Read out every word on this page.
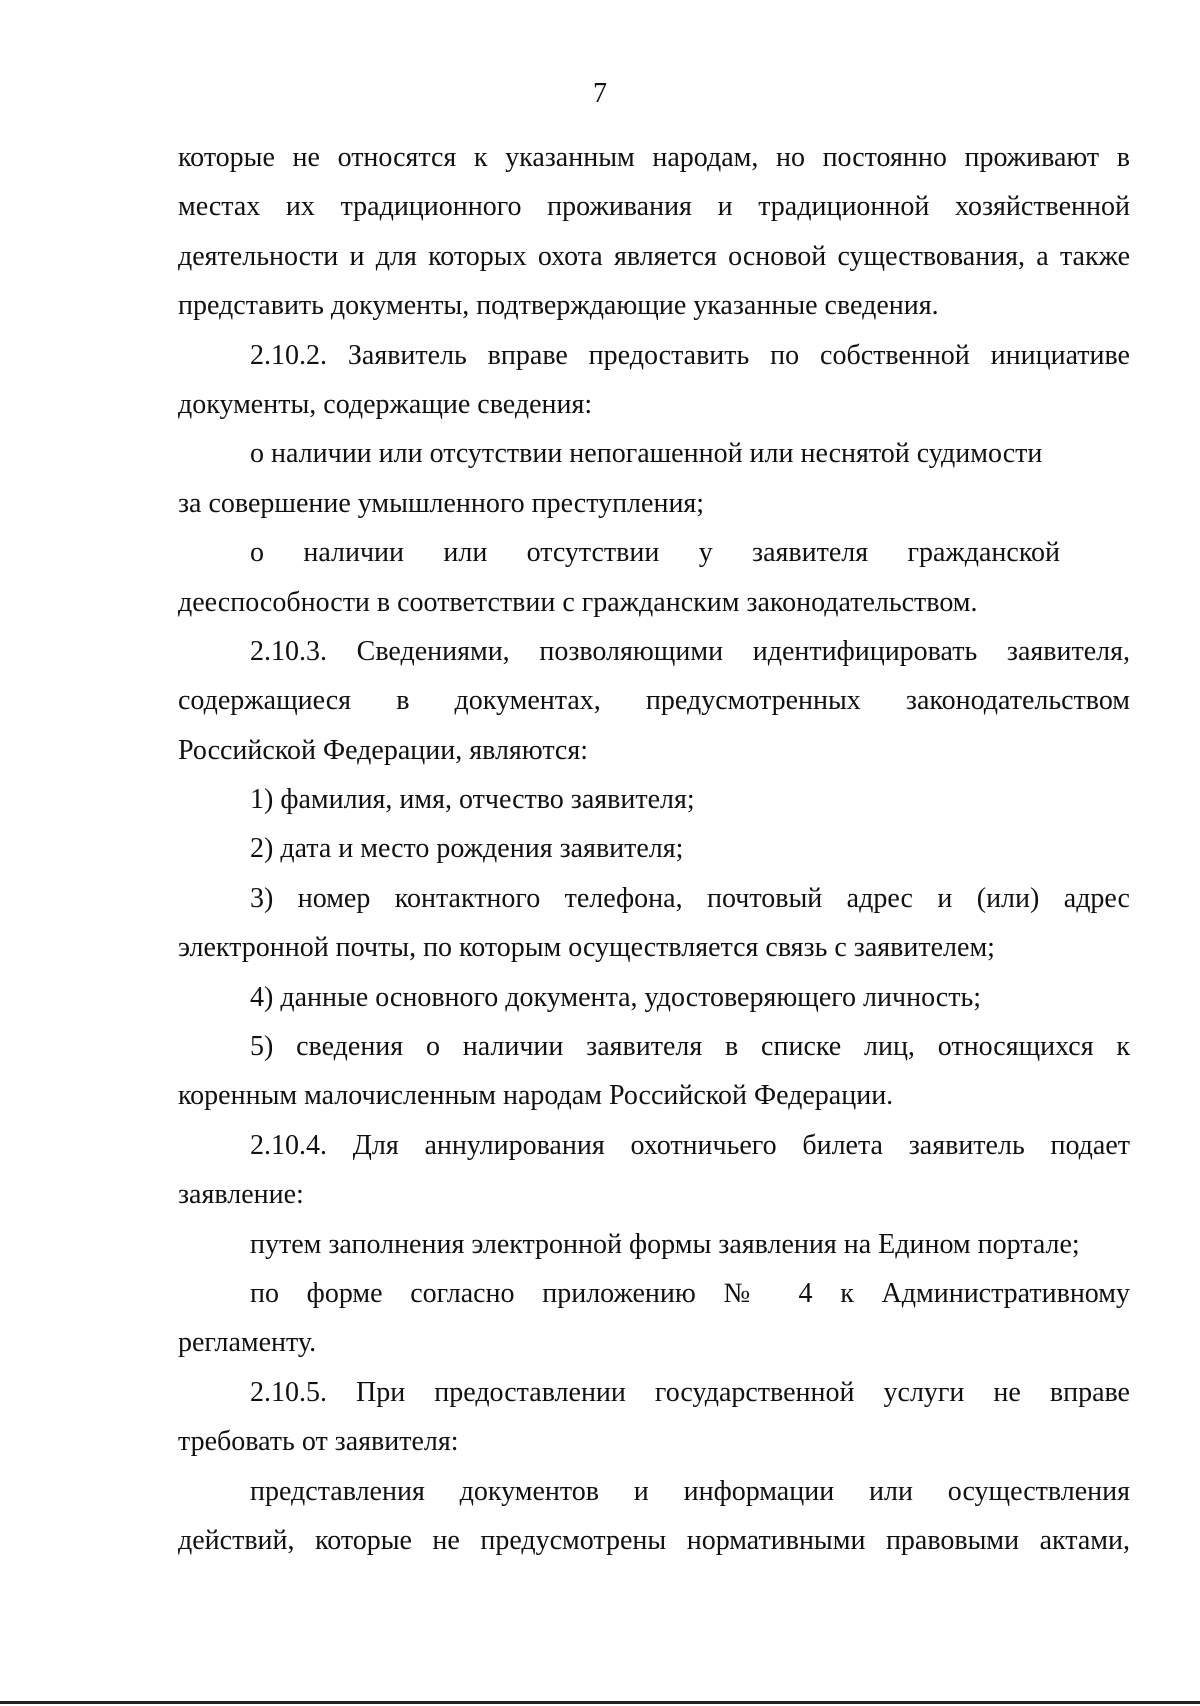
7
которые не относятся к указанным народам, но постоянно проживают в
местах их традиционного проживания и традиционной хозяйственной
деятельности и для которых охота является основой существования, а также
представить документы, подтверждающие указанные сведения.
2.10.2. Заявитель вправе предоставить по собственной инициативе
документы, содержащие сведения:
о наличии или отсутствии непогашенной или неснятой судимости
за совершение умышленного преступления;
о наличии или отсутствии у заявителя гражданской
дееспособности в соответствии с гражданским законодательством.
2.10.3. Сведениями, позволяющими идентифицировать заявителя,
содержащиеся в документах, предусмотренных законодательством
Российской Федерации, являются:
1) фамилия, имя, отчество заявителя;
2) дата и место рождения заявителя;
3) номер контактного телефона, почтовый адрес и (или) адрес
электронной почты, по которым осуществляется связь с заявителем;
4) данные основного документа, удостоверяющего личность;
5) сведения о наличии заявителя в списке лиц, относящихся к
коренным малочисленным народам Российской Федерации.
2.10.4. Для аннулирования охотничьего билета заявитель подает
заявление:
путем заполнения электронной формы заявления на Едином портале;
по форме согласно приложению № 4 к Административному
регламенту.
2.10.5. При предоставлении государственной услуги не вправе
требовать от заявителя:
представления документов и информации или осуществления
действий, которые не предусмотрены нормативными правовыми актами,
